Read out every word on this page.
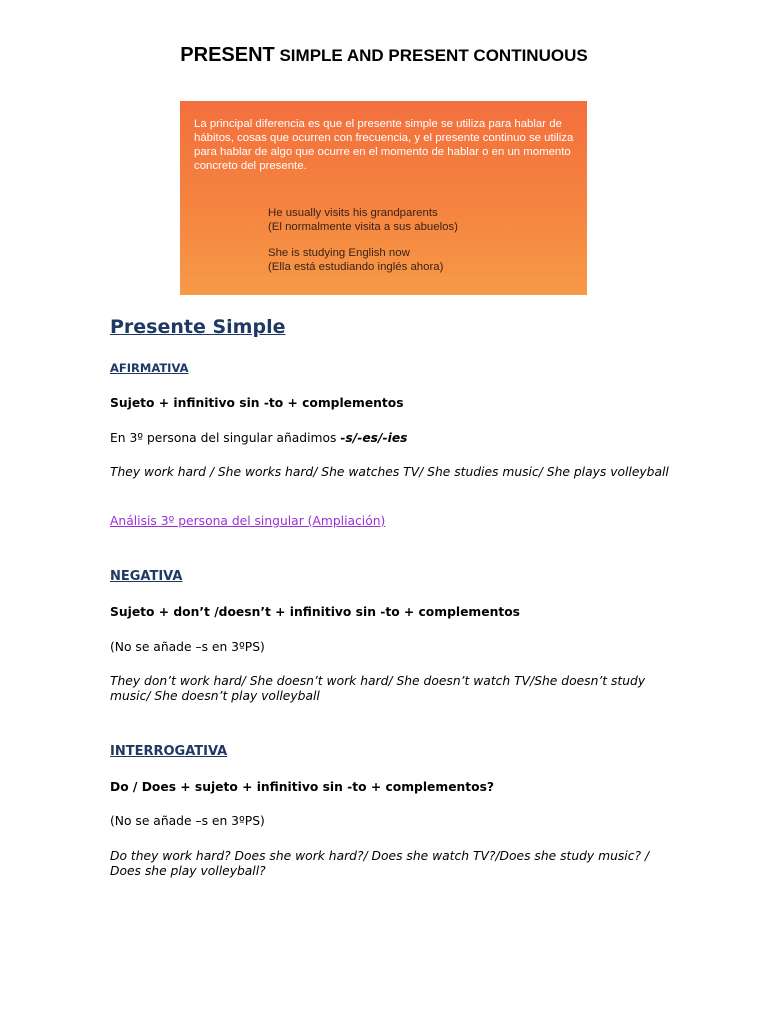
PRESENT SIMPLE AND PRESENT CONTINUOUS

La principal diferencia es que el presente simple se utiliza para hablar de hábitos, cosas que ocurren con frecuencia, y el presente continuo se utiliza para hablar de algo que ocurre en el momento de hablar o en un momento concreto del presente.

He usually visits his grandparents
(El normalmente visita a sus abuelos)
She is studying English now
(Ella está estudiando inglés ahora)
Presente Simple
AFIRMATIVA

Sujeto + infinitivo sin -to + complementos

En 3º persona del singular añadimos -s/-es/-ies

They work hard / She works hard/ She watches TV/ She studies music/ She plays volleyball

Análisis 3º persona del singular (Ampliación)

NEGATIVA

Sujeto + don’t /doesn’t + infinitivo sin -to + complementos

(No se añade –s en 3ºPS)

They don’t work hard/ She doesn’t work hard/ She doesn’t watch TV/She doesn’t study music/ She doesn’t play volleyball

INTERROGATIVA

Do / Does + sujeto + infinitivo sin -to + complementos?

(No se añade –s en 3ºPS)

Do they work hard? Does she work hard?/ Does she watch TV?/Does she study music? / Does she play volleyball?
